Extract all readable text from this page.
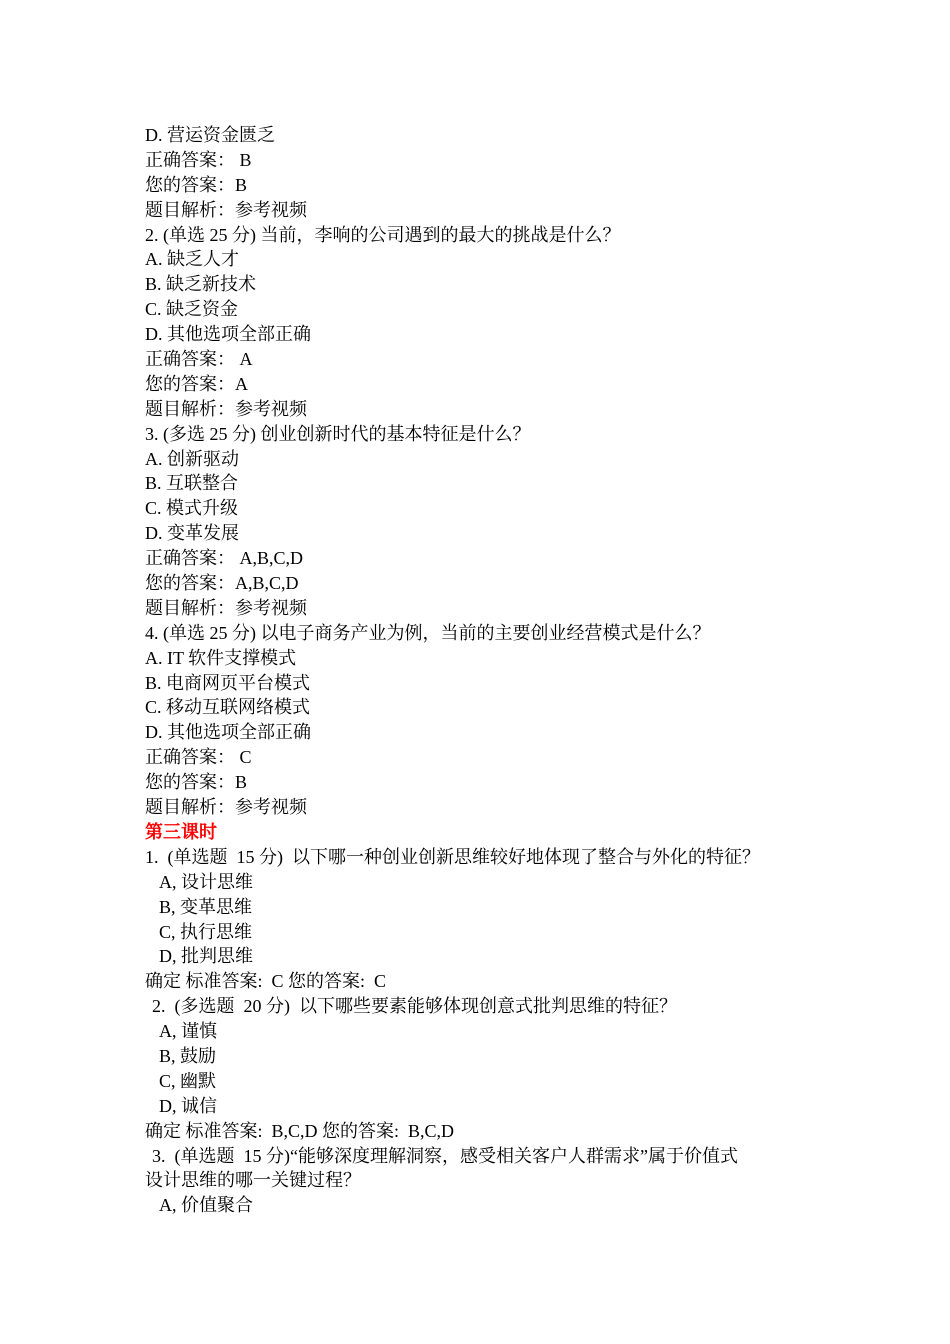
D. 营运资金匮乏
正确答案： B
您的答案：B
题目解析：参考视频
2. (单选 25 分) 当前，李响的公司遇到的最大的挑战是什么？
A. 缺乏人才
B. 缺乏新技术
C. 缺乏资金
D. 其他选项全部正确
正确答案： A
您的答案：A
题目解析：参考视频
3. (多选 25 分) 创业创新时代的基本特征是什么？
A. 创新驱动
B. 互联整合
C. 模式升级
D. 变革发展
正确答案： A,B,C,D
您的答案：A,B,C,D
题目解析：参考视频
4. (单选 25 分) 以电子商务产业为例，当前的主要创业经营模式是什么？
A. IT 软件支撑模式
B. 电商网页平台模式
C. 移动互联网络模式
D. 其他选项全部正确
正确答案： C
您的答案：B
题目解析：参考视频
第三课时
1.  (单选题  15 分)  以下哪一种创业创新思维较好地体现了整合与外化的特征？
A, 设计思维
B, 变革思维
C, 执行思维
D, 批判思维
确定 标准答案:  C 您的答案:  C
2.  (多选题  20 分)  以下哪些要素能够体现创意式批判思维的特征？
A, 谨慎
B, 鼓励
C, 幽默
D, 诚信
确定 标准答案:  B,C,D 您的答案:  B,C,D
3.  (单选题  15 分)“能够深度理解洞察，感受相关客户人群需求”属于价值式
设计思维的哪一关键过程？
A, 价值聚合
